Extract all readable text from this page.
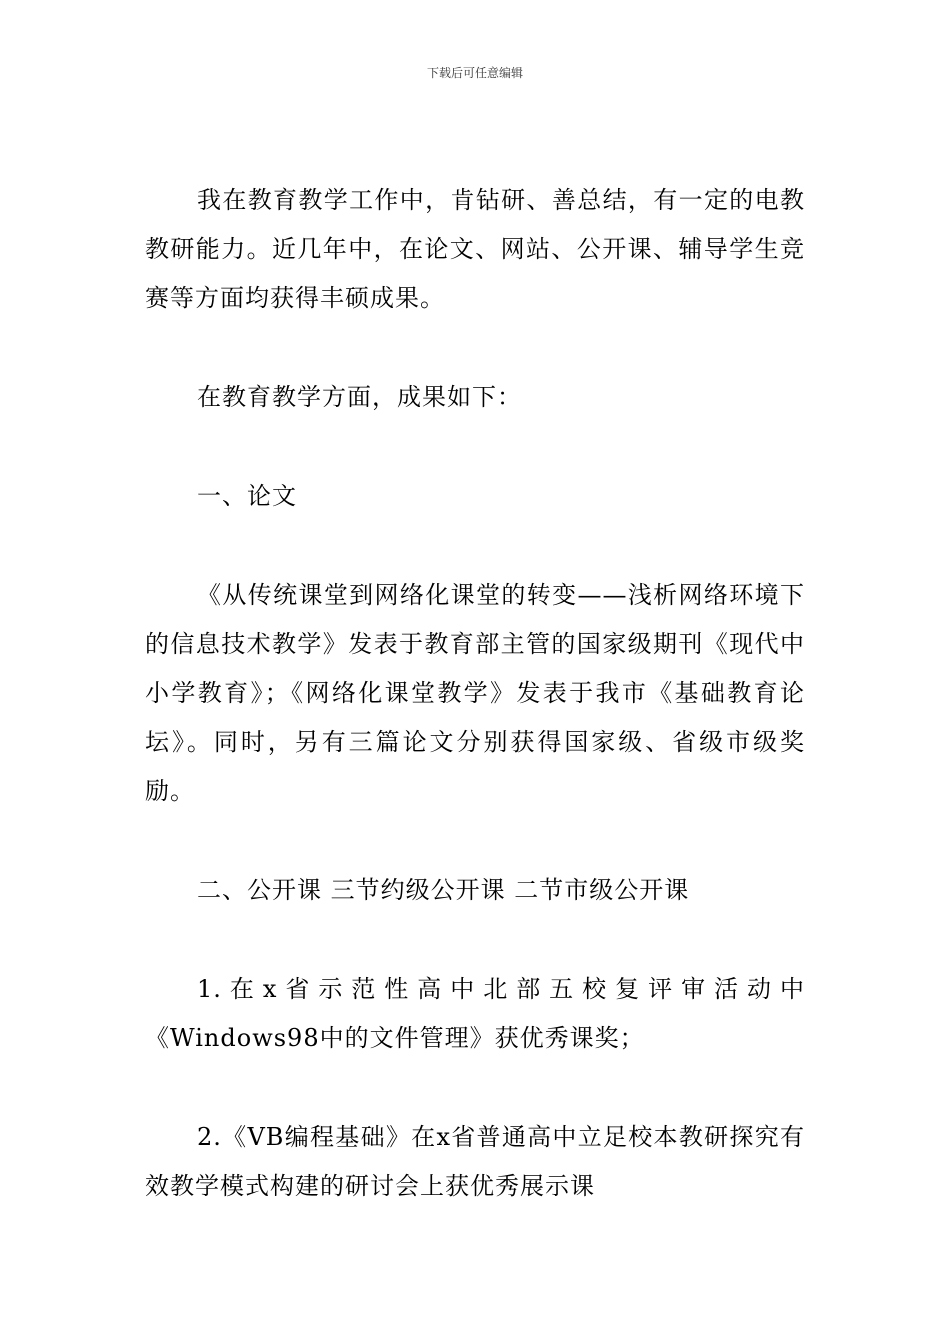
下载后可任意编辑

我在教育教学工作中，肯钻研、善总结，有一定的电教教研能力。近几年中，在论文、网站、公开课、辅导学生竞赛等方面均获得丰硕成果。

在教育教学方面，成果如下：

一、论文

《从传统课堂到网络化课堂的转变——浅析网络环境下的信息技术教学》发表于教育部主管的国家级期刊《现代中小学教育》；《网络化课堂教学》发表于我市《基础教育论坛》。同时，另有三篇论文分别获得国家级、省级市级奖励。

二、公开课 三节约级公开课 二节市级公开课

1.在x省示范性高中北部五校复评审活动中《Windows98中的文件管理》获优秀课奖；

2.《VB编程基础》在x省普通高中立足校本教研探究有效教学模式构建的研讨会上获优秀展示课
